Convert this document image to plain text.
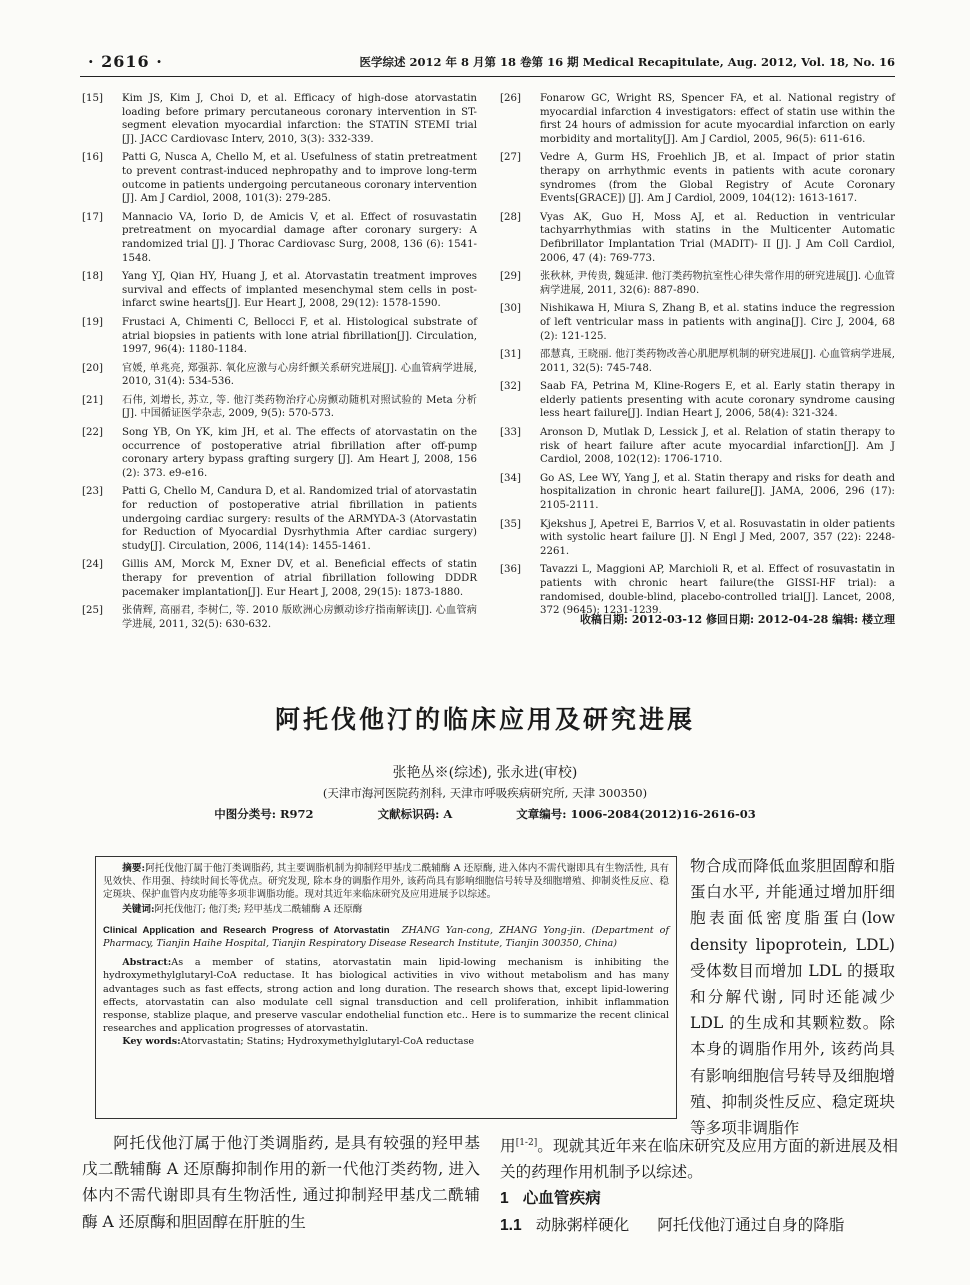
· 2616 ·	医学综述 2012 年 8 月第 18 卷第 16 期 Medical Recapitulate, Aug. 2012, Vol. 18, No. 16
[15]	Kim JS, Kim J, Choi D, et al. Efficacy of high-dose atorvastatin loading before primary percutaneous coronary intervention in ST-segment elevation myocardial infarction: the STATIN STEMI trial [J]. JACC Cardiovasc Interv, 2010, 3(3): 332-339.
[16]	Patti G, Nusca A, Chello M, et al. Usefulness of statin pretreatment to prevent contrast-induced nephropathy and to improve long-term outcome in patients undergoing percutaneous coronary intervention [J]. Am J Cardiol, 2008, 101(3): 279-285.
[17]	Mannacio VA, Iorio D, de Amicis V, et al. Effect of rosuvastatin pretreatment on myocardial damage after coronary surgery: A randomized trial [J]. J Thorac Cardiovasc Surg, 2008, 136 (6): 1541-1548.
[18]	Yang YJ, Qian HY, Huang J, et al. Atorvastatin treatment improves survival and effects of implanted mesenchymal stem cells in post-infarct swine hearts[J]. Eur Heart J, 2008, 29(12): 1578-1590.
[19]	Frustaci A, Chimenti C, Bellocci F, et al. Histological substrate of atrial biopsies in patients with lone atrial fibrillation[J]. Circulation, 1997, 96(4): 1180-1184.
[20]	官媛, 单兆亮, 郑强荪. 氧化应激与心房纤颤关系研究进展[J]. 心血管病学进展, 2010, 31(4): 534-536.
[21]	石伟, 刘增长, 苏立, 等. 他汀类药物治疗心房颤动随机对照试验的 Meta 分析[J]. 中国循证医学杂志, 2009, 9(5): 570-573.
[22]	Song YB, On YK, kim JH, et al. The effects of atorvastatin on the occurrence of postoperative atrial fibrillation after off-pump coronary artery bypass grafting surgery [J]. Am Heart J, 2008, 156 (2): 373. e9-e16.
[23]	Patti G, Chello M, Candura D, et al. Randomized trial of atorvastatin for reduction of postoperative atrial fibrillation in patients undergoing cardiac surgery: results of the ARMYDA-3 (Atorvastatin for Reduction of Myocardial Dysrhythmia After cardiac surgery) study[J]. Circulation, 2006, 114(14): 1455-1461.
[24]	Gillis AM, Morck M, Exner DV, et al. Beneficial effects of statin therapy for prevention of atrial fibrillation following DDDR pacemaker implantation[J]. Eur Heart J, 2008, 29(15): 1873-1880.
[25]	张倩辉, 高丽君, 李树仁, 等. 2010 版欧洲心房颤动诊疗指南解读[J]. 心血管病学进展, 2011, 32(5): 630-632.
[26]	Fonarow GC, Wright RS, Spencer FA, et al. National registry of myocardial infarction 4 investigators: effect of statin use within the first 24 hours of admission for acute myocardial infarction on early morbidity and mortality[J]. Am J Cardiol, 2005, 96(5): 611-616.
[27]	Vedre A, Gurm HS, Froehlich JB, et al. Impact of prior statin therapy on arrhythmic events in patients with acute coronary syndromes (from the Global Registry of Acute Coronary Events[GRACE]) [J]. Am J Cardiol, 2009, 104(12): 1613-1617.
[28]	Vyas AK, Guo H, Moss AJ, et al. Reduction in ventricular tachyarrhythmias with statins in the Multicenter Automatic Defibrillator Implantation Trial (MADIT)- II [J]. J Am Coll Cardiol, 2006, 47 (4): 769-773.
[29]	张秋林, 尹传贵, 魏延津. 他汀类药物抗室性心律失常作用的研究进展[J]. 心血管病学进展, 2011, 32(6): 887-890.
[30]	Nishikawa H, Miura S, Zhang B, et al. statins induce the regression of left ventricular mass in patients with angina[J]. Circ J, 2004, 68 (2): 121-125.
[31]	邵慧真, 王晓丽. 他汀类药物改善心肌肥厚机制的研究进展[J]. 心血管病学进展, 2011, 32(5): 745-748.
[32]	Saab FA, Petrina M, Kline-Rogers E, et al. Early statin therapy in elderly patients presenting with acute coronary syndrome causing less heart failure[J]. Indian Heart J, 2006, 58(4): 321-324.
[33]	Aronson D, Mutlak D, Lessick J, et al. Relation of statin therapy to risk of heart failure after acute myocardial infarction[J]. Am J Cardiol, 2008, 102(12): 1706-1710.
[34]	Go AS, Lee WY, Yang J, et al. Statin therapy and risks for death and hospitalization in chronic heart failure[J]. JAMA, 2006, 296 (17): 2105-2111.
[35]	Kjekshus J, Apetrei E, Barrios V, et al. Rosuvastatin in older patients with systolic heart failure [J]. N Engl J Med, 2007, 357 (22): 2248-2261.
[36]	Tavazzi L, Maggioni AP, Marchioli R, et al. Effect of rosuvastatin in patients with chronic heart failure(the GISSI-HF trial): a randomised, double-blind, placebo-controlled trial[J]. Lancet, 2008, 372 (9645): 1231-1239.
收稿日期: 2012-03-12 修回日期: 2012-04-28 编辑: 楼立理
阿托伐他汀的临床应用及研究进展
张艳丛※(综述), 张永进(审校)
(天津市海河医院药剂科, 天津市呼吸疾病研究所, 天津 300350)
中图分类号: R972	文献标识码: A	文章编号: 1006-2084(2012)16-2616-03

摘要:阿托伐他汀属于他汀类调脂药, 其主要调脂机制为抑制羟甲基戊二酰辅酶 A 还原酶, 进入体内不需代谢即具有生物活性, 具有见效快、作用强、持续时间长等优点。研究发现, 除本身的调脂作用外, 该药尚具有影响细胞信号转导及细胞增殖、抑制炎性反应、稳定斑块、保护血管内皮功能等多项非调脂功能。现对其近年来临床研究及应用进展予以综述。

关键词:阿托伐他汀; 他汀类; 羟甲基戊二酰辅酶 A 还原酶

Clinical Application and Research Progress of Atorvastatin ZHANG Yan-cong, ZHANG Yong-jin. (Department of Pharmacy, Tianjin Haihe Hospital, Tianjin Respiratory Disease Research Institute, Tianjin 300350, China)

Abstract:As a member of statins, atorvastatin main lipid-lowing mechanism is inhibiting the hydroxymethylglutaryl-CoA reductase. It has biological activities in vivo without metabolism and has many advantages such as fast effects, strong action and long duration. The research shows that, except lipid-lowering effects, atorvastatin can also modulate cell signal transduction and cell proliferation, inhibit inflammation response, stablize plaque, and preserve vascular endothelial function etc.. Here is to summarize the recent clinical researches and application progresses of atorvastatin.

Key words:Atorvastatin; Statins; Hydroxymethylglutaryl-CoA reductase

物合成而降低血浆胆固醇和脂蛋白水平, 并能通过增加肝细胞表面低密度脂蛋白(low density lipoprotein, LDL)受体数目而增加 LDL 的摄取和分解代谢, 同时还能减少 LDL 的生成和其颗粒数。除本身的调脂作用外, 该药尚具有影响细胞信号转导及细胞增殖、抑制炎性反应、稳定斑块等多项非调脂作
阿托伐他汀属于他汀类调脂药, 是具有较强的羟甲基戊二酰辅酶 A 还原酶抑制作用的新一代他汀类药物, 进入体内不需代谢即具有生物活性, 通过抑制羟甲基戊二酰辅酶 A 还原酶和胆固醇在肝脏的生

用[1-2]。现就其近年来在临床研究及应用方面的新进展及相关的药理作用机制予以综述。

1 心血管疾病

1.1 动脉粥样硬化 阿托伐他汀通过自身的降脂
